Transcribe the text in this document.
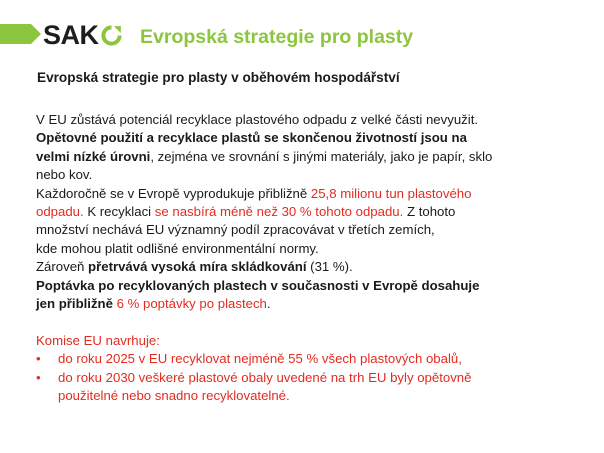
SAK Evropská strategie pro plasty
Evropská strategie pro plasty v oběhovém hospodářství
V EU zůstává potenciál recyklace plastového odpadu z velké části nevyužit.
Opětovné použití a recyklace plastů se skončenou životností jsou na
velmi nízké úrovni, zejména ve srovnání s jinými materiály, jako je papír, sklo
nebo kov.
Každoročně se v Evropě vyprodukuje přibližně 25,8 milionu tun plastového
odpadu. K recyklaci se nasbírá méně než 30 % tohoto odpadu. Z tohoto
množství nechává EU významný podíl zpracovávat v třetích zemích,
kde mohou platit odlišné environmentální normy.
Zároveň přetrvává vysoká míra skládkování (31 %).
Poptávka po recyklovaných plastech v současnosti v Evropě dosahuje
jen přibližně 6 % poptávky po plastech.
Komise EU navrhuje:
•	do roku 2025 v EU recyklovat nejméně 55 % všech plastových obalů,
•	do roku 2030 veškeré plastové obaly uvedené na trh EU byly opětovně
použitelné nebo snadno recyklovatelné.
